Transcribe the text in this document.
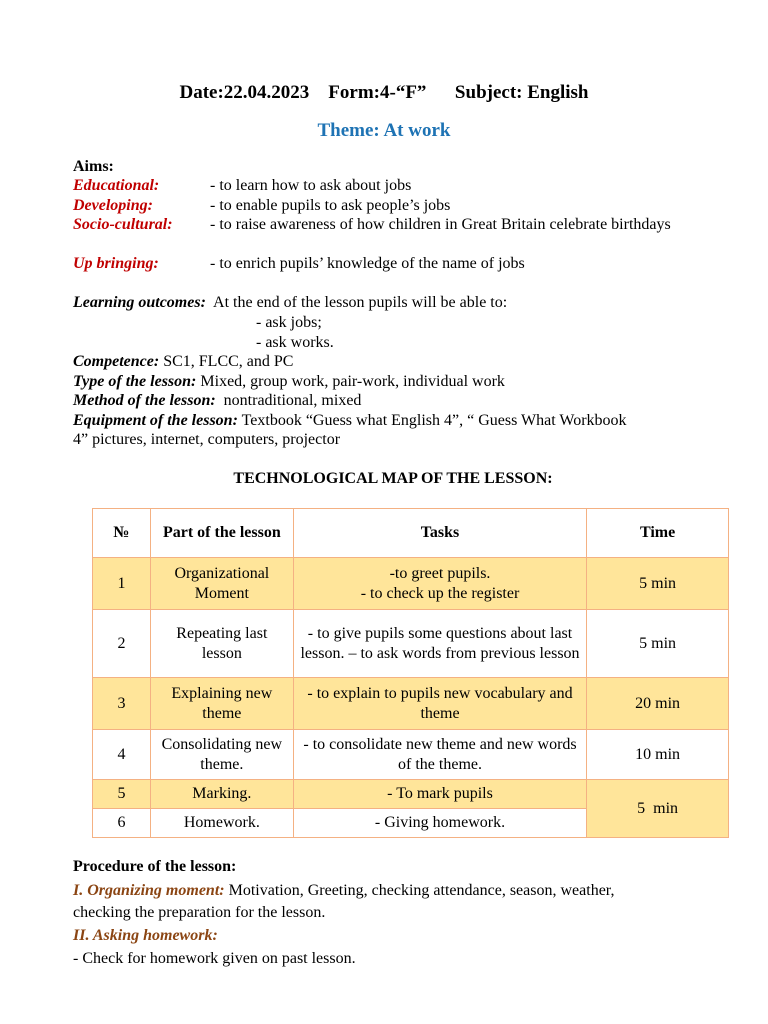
Date:22.04.2023    Form:4-“F”      Subject: English
Theme: At work
Aims:
Educational:	- to learn how to ask about jobs
Developing:	- to enable pupils to ask people’s jobs
Socio-cultural: - to raise awareness of how children in Great Britain celebrate birthdays
Up bringing:	- to enrich pupils’ knowledge of the name of jobs
Learning outcomes: At the end of the lesson pupils will be able to:
- ask jobs;
- ask works.
Competence: SC1, FLCC, and PC
Type of the lesson: Mixed, group work, pair-work, individual work
Method of the lesson:  nontraditional, mixed
Equipment of the lesson: Textbook “Guess what English 4”, “ Guess What Workbook
4” pictures, internet, computers, projector
TECHNOLOGICAL MAP OF THE LESSON:
№	Part of the lesson	Tasks	Time
1	Organizational Moment	-to greet pupils.
- to check up the register	5 min
2	Repeating last lesson	- to give pupils some questions about last lesson. – to ask words from previous lesson	5 min
3	Explaining new theme	- to explain to pupils new vocabulary and theme	20 min
4	Consolidating new theme.	- to consolidate new theme and new words of the theme.	10 min
5	Marking.	- To mark pupils	5  min
6	Homework.	- Giving homework.	
Procedure of the lesson:
I. Organizing moment: Motivation, Greeting, checking attendance, season, weather,
checking the preparation for the lesson.
II. Asking homework:
- Check for homework given on past lesson.
